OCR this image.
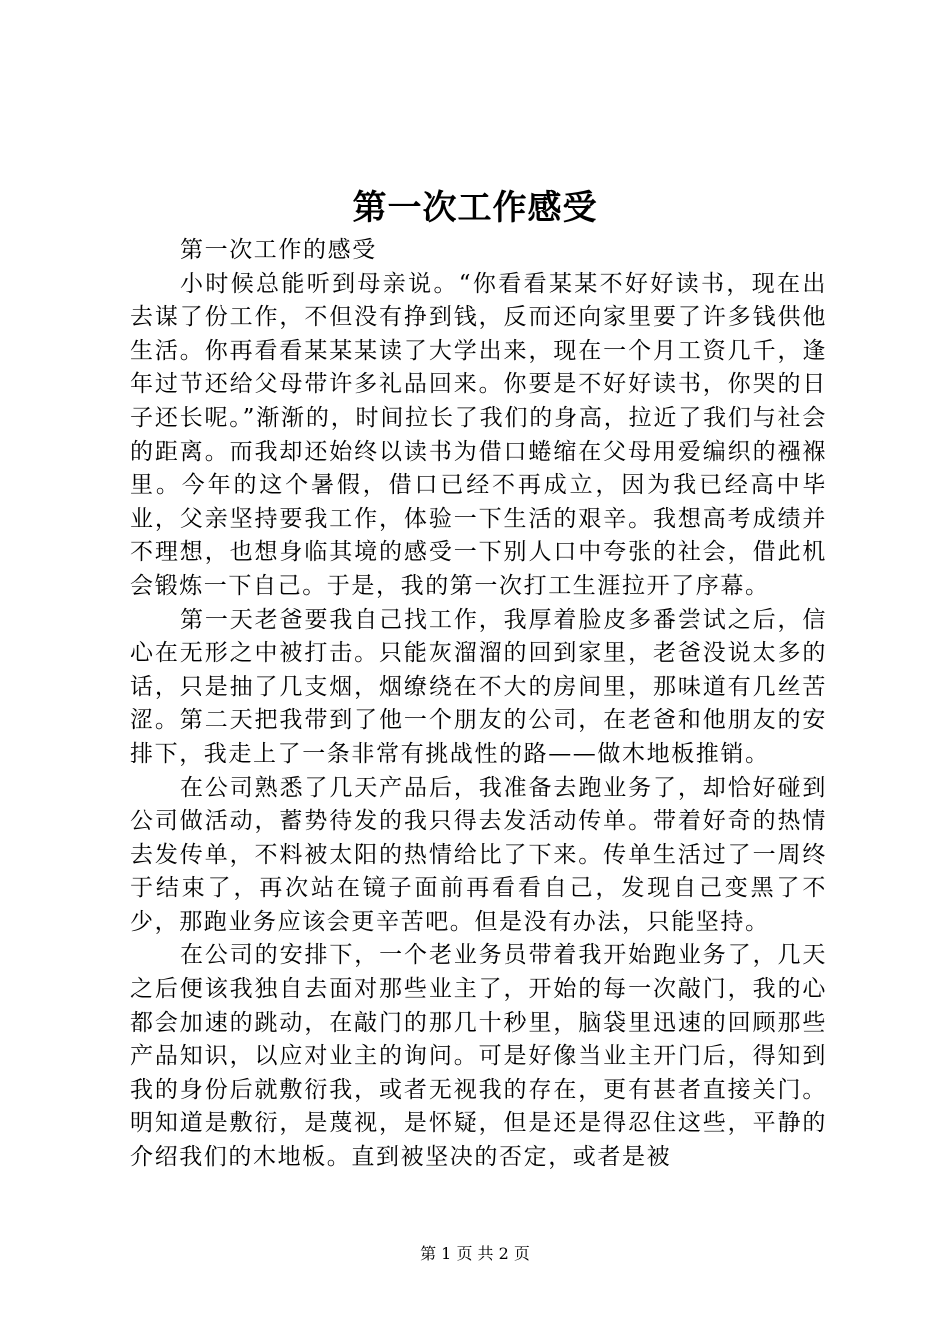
第一次工作感受

第一次工作的感受

小时候总能听到母亲说。“你看看某某不好好读书，现在出去谋了份工作，不但没有挣到钱，反而还向家里要了许多钱供他生活。你再看看某某某读了大学出来，现在一个月工资几千，逢年过节还给父母带许多礼品回来。你要是不好好读书，你哭的日子还长呢。”渐渐的，时间拉长了我们的身高，拉近了我们与社会的距离。而我却还始终以读书为借口蜷缩在父母用爱编织的襁褓里。今年的这个暑假，借口已经不再成立，因为我已经高中毕业，父亲坚持要我工作，体验一下生活的艰辛。我想高考成绩并不理想，也想身临其境的感受一下别人口中夸张的社会，借此机会锻炼一下自己。于是，我的第一次打工生涯拉开了序幕。

第一天老爸要我自己找工作，我厚着脸皮多番尝试之后，信心在无形之中被打击。只能灰溜溜的回到家里，老爸没说太多的话，只是抽了几支烟，烟缭绕在不大的房间里，那味道有几丝苦涩。第二天把我带到了他一个朋友的公司，在老爸和他朋友的安排下，我走上了一条非常有挑战性的路——做木地板推销。

在公司熟悉了几天产品后，我准备去跑业务了，却恰好碰到公司做活动，蓄势待发的我只得去发活动传单。带着好奇的热情去发传单，不料被太阳的热情给比了下来。传单生活过了一周终于结束了，再次站在镜子面前再看看自己，发现自己变黑了不少，那跑业务应该会更辛苦吧。但是没有办法，只能坚持。

在公司的安排下，一个老业务员带着我开始跑业务了，几天之后便该我独自去面对那些业主了，开始的每一次敲门，我的心都会加速的跳动，在敲门的那几十秒里，脑袋里迅速的回顾那些产品知识，以应对业主的询问。可是好像当业主开门后，得知到我的身份后就敷衍我，或者无视我的存在，更有甚者直接关门。明知道是敷衍，是蔑视，是怀疑，但是还是得忍住这些，平静的介绍我们的木地板。直到被坚决的否定，或者是被

第 1 页 共 2 页
